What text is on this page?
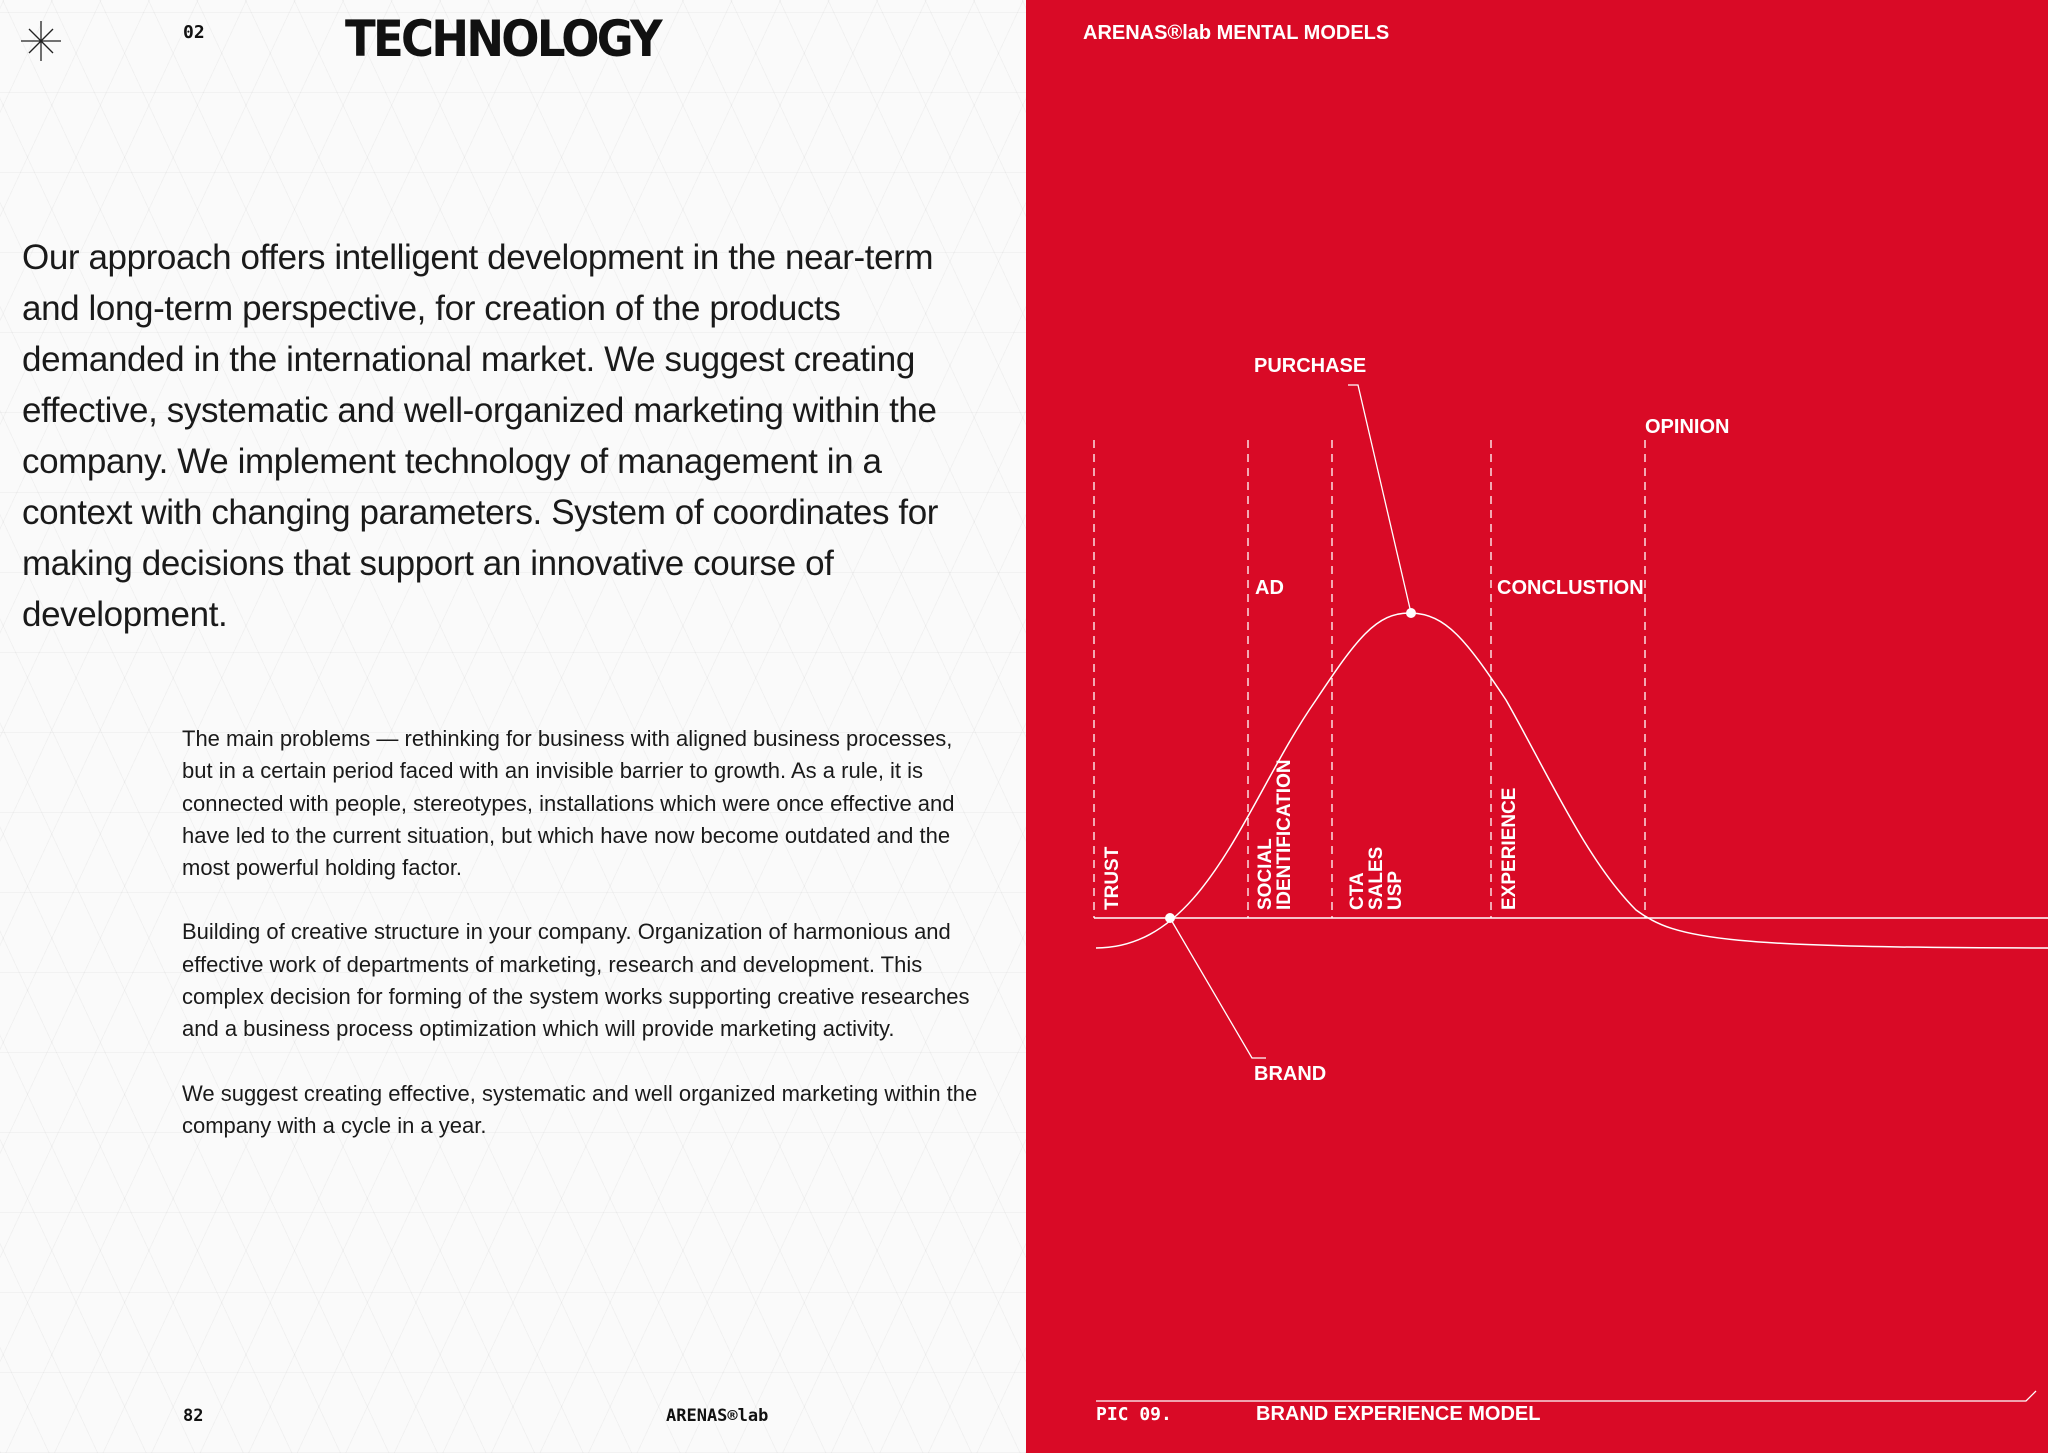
02	TECHNOLOGY

Our approach offers intelligent development in the near-term and long-term perspective, for creation of the products demanded in the international market. We suggest creating effective, systematic and well-organized marketing within the company. We implement technology of management in a context with changing parameters. System of coordinates for making decisions that support an innovative course of development.

The main problems — rethinking for business with aligned business processes, but in a certain period faced with an invisible barrier to growth. As a rule, it is connected with people, stereotypes, installations which were once effective and have led to the current situation, but which have now become outdated and the most powerful holding factor.

Building of creative structure in your company. Organization of harmonious and effective work of departments of marketing, research and development. This complex decision for forming of the system works supporting creative researches and a business process optimization which will provide marketing activity.

We suggest creating effective, systematic and well organized marketing within the company with a cycle in a year.

82	ARENAS®lab
ARENAS®lab MENTAL MODELS
PURCHASE
OPINION
AD	CONCLUSTION
BRAND
TRUST	SOCIAL
IDENTIFICATION	CTA
SALES
USP	EXPERIENCE
PIC 09.	BRAND EXPERIENCE MODEL
